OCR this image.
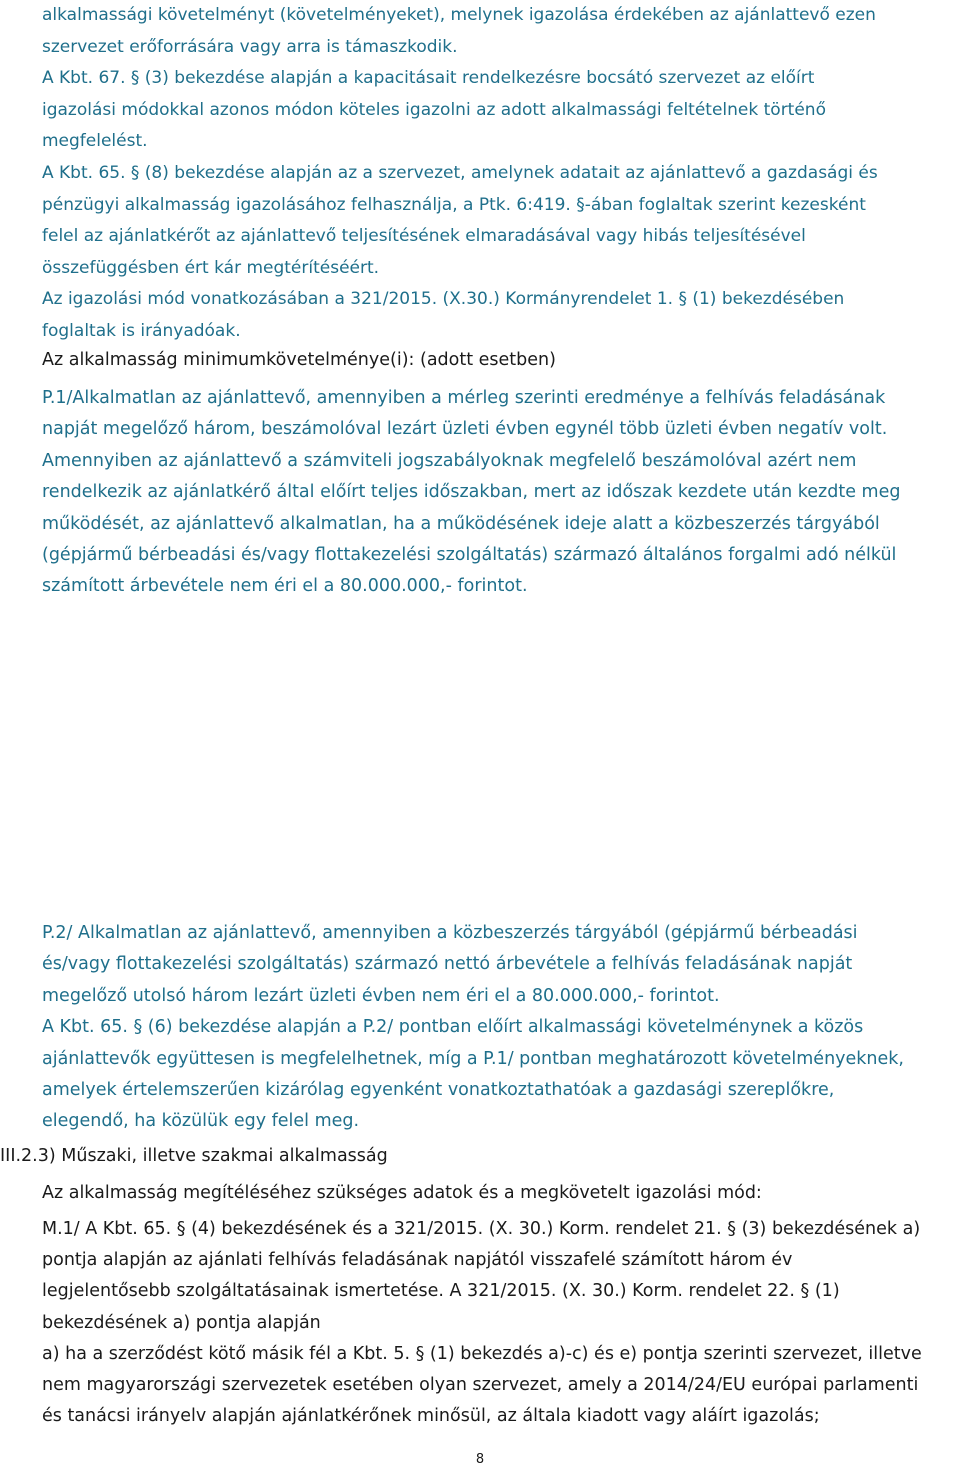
alkalmassági követelményt (követelményeket), melynek igazolása érdekében az ajánlattevő ezen
szervezet erőforrására vagy arra is támaszkodik.
A Kbt. 67. § (3) bekezdése alapján a kapacitásait rendelkezésre bocsátó szervezet az előírt
igazolási módokkal azonos módon köteles igazolni az adott alkalmassági feltételnek történő
megfelelést.
A Kbt. 65. § (8) bekezdése alapján az a szervezet, amelynek adatait az ajánlattevő a gazdasági és
pénzügyi alkalmasság igazolásához felhasználja, a Ptk. 6:419. §-ában foglaltak szerint kezesként
felel az ajánlatkérőt az ajánlattevő teljesítésének elmaradásával vagy hibás teljesítésével
összefüggésben ért kár megtérítéséért.
Az igazolási mód vonatkozásában a 321/2015. (X.30.) Kormányrendelet 1. § (1) bekezdésében
foglaltak is irányadóak.
Az alkalmasság minimumkövetelménye(i): (adott esetben)
P.1/Alkalmatlan az ajánlattevő, amennyiben a mérleg szerinti eredménye a felhívás feladásának
napját megelőző három, beszámolóval lezárt üzleti évben egynél több üzleti évben negatív volt.
Amennyiben az ajánlattevő a számviteli jogszabályoknak megfelelő beszámolóval azért nem
rendelkezik az ajánlatkérő által előírt teljes időszakban, mert az időszak kezdete után kezdte meg
működését, az ajánlattevő alkalmatlan, ha a működésének ideje alatt a közbeszerzés tárgyából
(gépjármű bérbeadási és/vagy flottakezelési szolgáltatás) származó általános forgalmi adó nélkül
számított árbevétele nem éri el a 80.000.000,- forintot.
P.2/ Alkalmatlan az ajánlattevő, amennyiben a közbeszerzés tárgyából (gépjármű bérbeadási
és/vagy flottakezelési szolgáltatás) származó nettó árbevétele a felhívás feladásának napját
megelőző utolsó három lezárt üzleti évben nem éri el a 80.000.000,- forintot.
A Kbt. 65. § (6) bekezdése alapján a P.2/ pontban előírt alkalmassági követelménynek a közös
ajánlattevők együttesen is megfelelhetnek, míg a P.1/ pontban meghatározott követelményeknek,
amelyek értelemszerűen kizárólag egyenként vonatkoztathatóak a gazdasági szereplőkre,
elegendő, ha közülük egy felel meg.
III.2.3) Műszaki, illetve szakmai alkalmasság
Az alkalmasság megítéléséhez szükséges adatok és a megkövetelt igazolási mód:
M.1/ A Kbt. 65. § (4) bekezdésének és a 321/2015. (X. 30.) Korm. rendelet 21. § (3) bekezdésének a)
pontja alapján az ajánlati felhívás feladásának napjától visszafelé számított három év
legjelentősebb szolgáltatásainak ismertetése. A 321/2015. (X. 30.) Korm. rendelet 22. § (1)
bekezdésének a) pontja alapján
a) ha a szerződést kötő másik fél a Kbt. 5. § (1) bekezdés a)-c) és e) pontja szerinti szervezet, illetve
nem magyarországi szervezetek esetében olyan szervezet, amely a 2014/24/EU európai parlamenti
és tanácsi irányelv alapján ajánlatkérőnek minősül, az általa kiadott vagy aláírt igazolás;
8
